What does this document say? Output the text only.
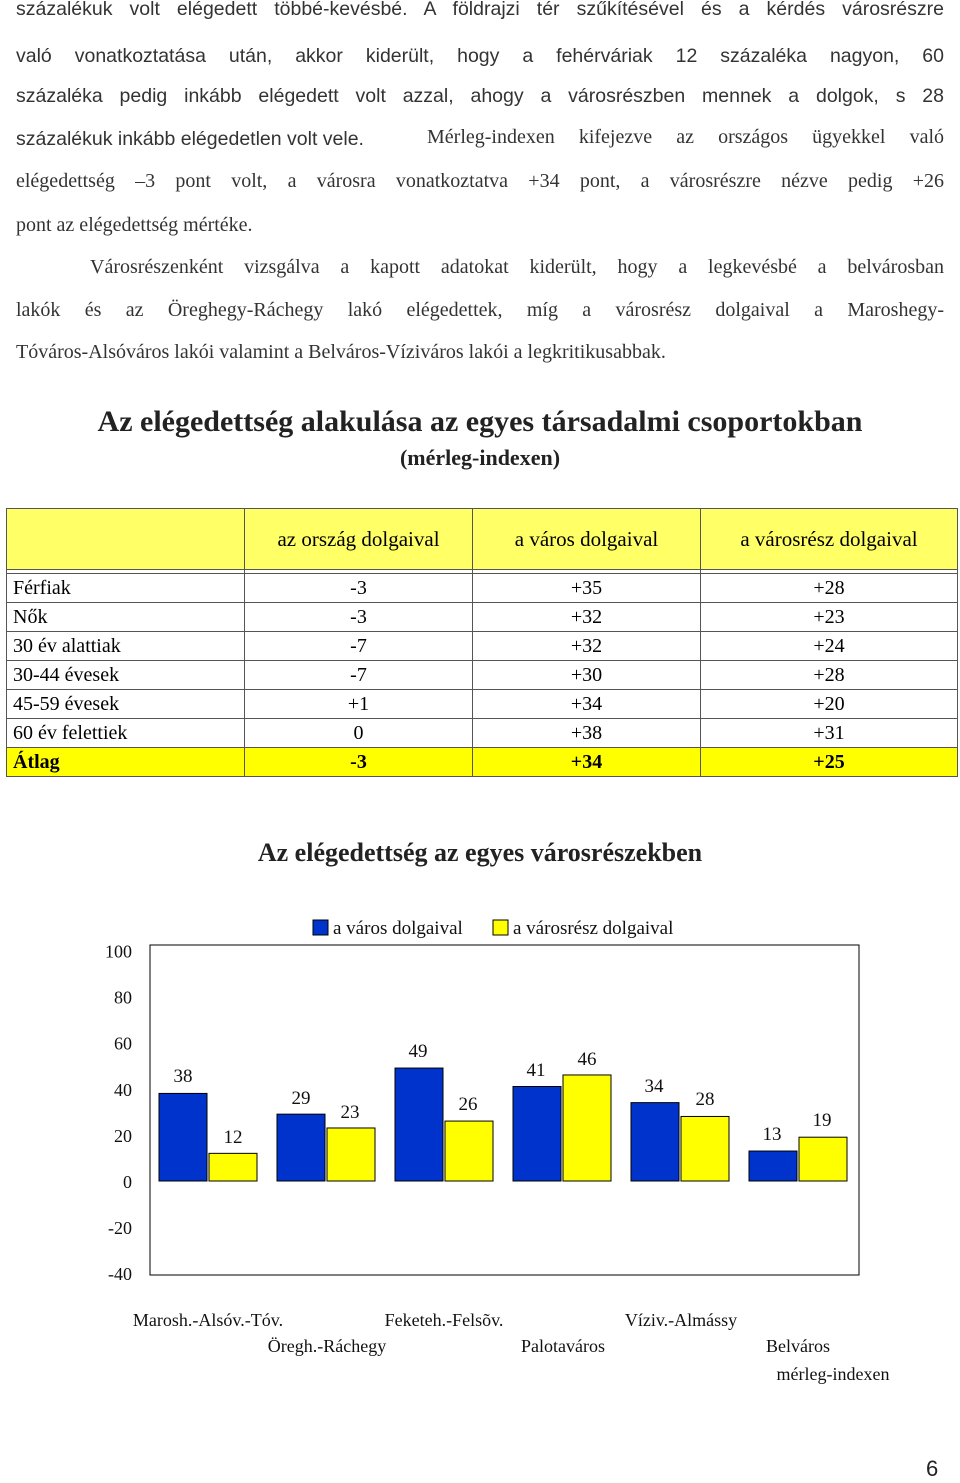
százalékuk volt elégedett többé-kevésbé. A földrajzi tér szűkítésével és a kérdés városrészre
való vonatkoztatása után, akkor kiderült, hogy a fehérváriak 12 százaléka nagyon, 60
százaléka pedig inkább elégedett volt azzal, ahogy a városrészben mennek a dolgok, s 28
százalékuk inkább elégedetlen volt vele.	Mérleg-indexen kifejezve az országos ügyekkel való
elégedettség –3 pont volt, a városra vonatkoztatva +34 pont, a városrészre nézve pedig +26
pont az elégedettség mértéke.
Városrészenként vizsgálva a kapott adatokat kiderült, hogy a legkevésbé a belvárosban
lakók és az Öreghegy-Ráchegy lakó elégedettek, míg a városrész dolgaival a Maroshegy-
Tóváros-Alsóváros lakói valamint a Belváros-Víziváros lakói a legkritikusabbak.
Az elégedettség alakulása az egyes társadalmi csoportokban
(mérleg-indexen)
	az ország dolgaival	a város dolgaival	a városrész dolgaival

Férfiak	-3	+35	+28
Nők	-3	+32	+23
30 év alattiak	-7	+32	+24
30-44 évesek	-7	+30	+28
45-59 évesek	+1	+34	+20
60 év felettiek	0	+38	+31
Átlag	-3	+34	+25
Az elégedettség az egyes városrészekben
100
80
60
40
20
0
-20
-40
a város dolgaival	a városrész dolgaival
38
12
29
23
49
26
41
46
34
28
13
19
Marosh.-Alsóv.-Tóv.
Öregh.-Ráchegy
Feketeh.-Felsõv.
Palotaváros
Víziv.-Almássy
Belváros
mérleg-indexen
6
